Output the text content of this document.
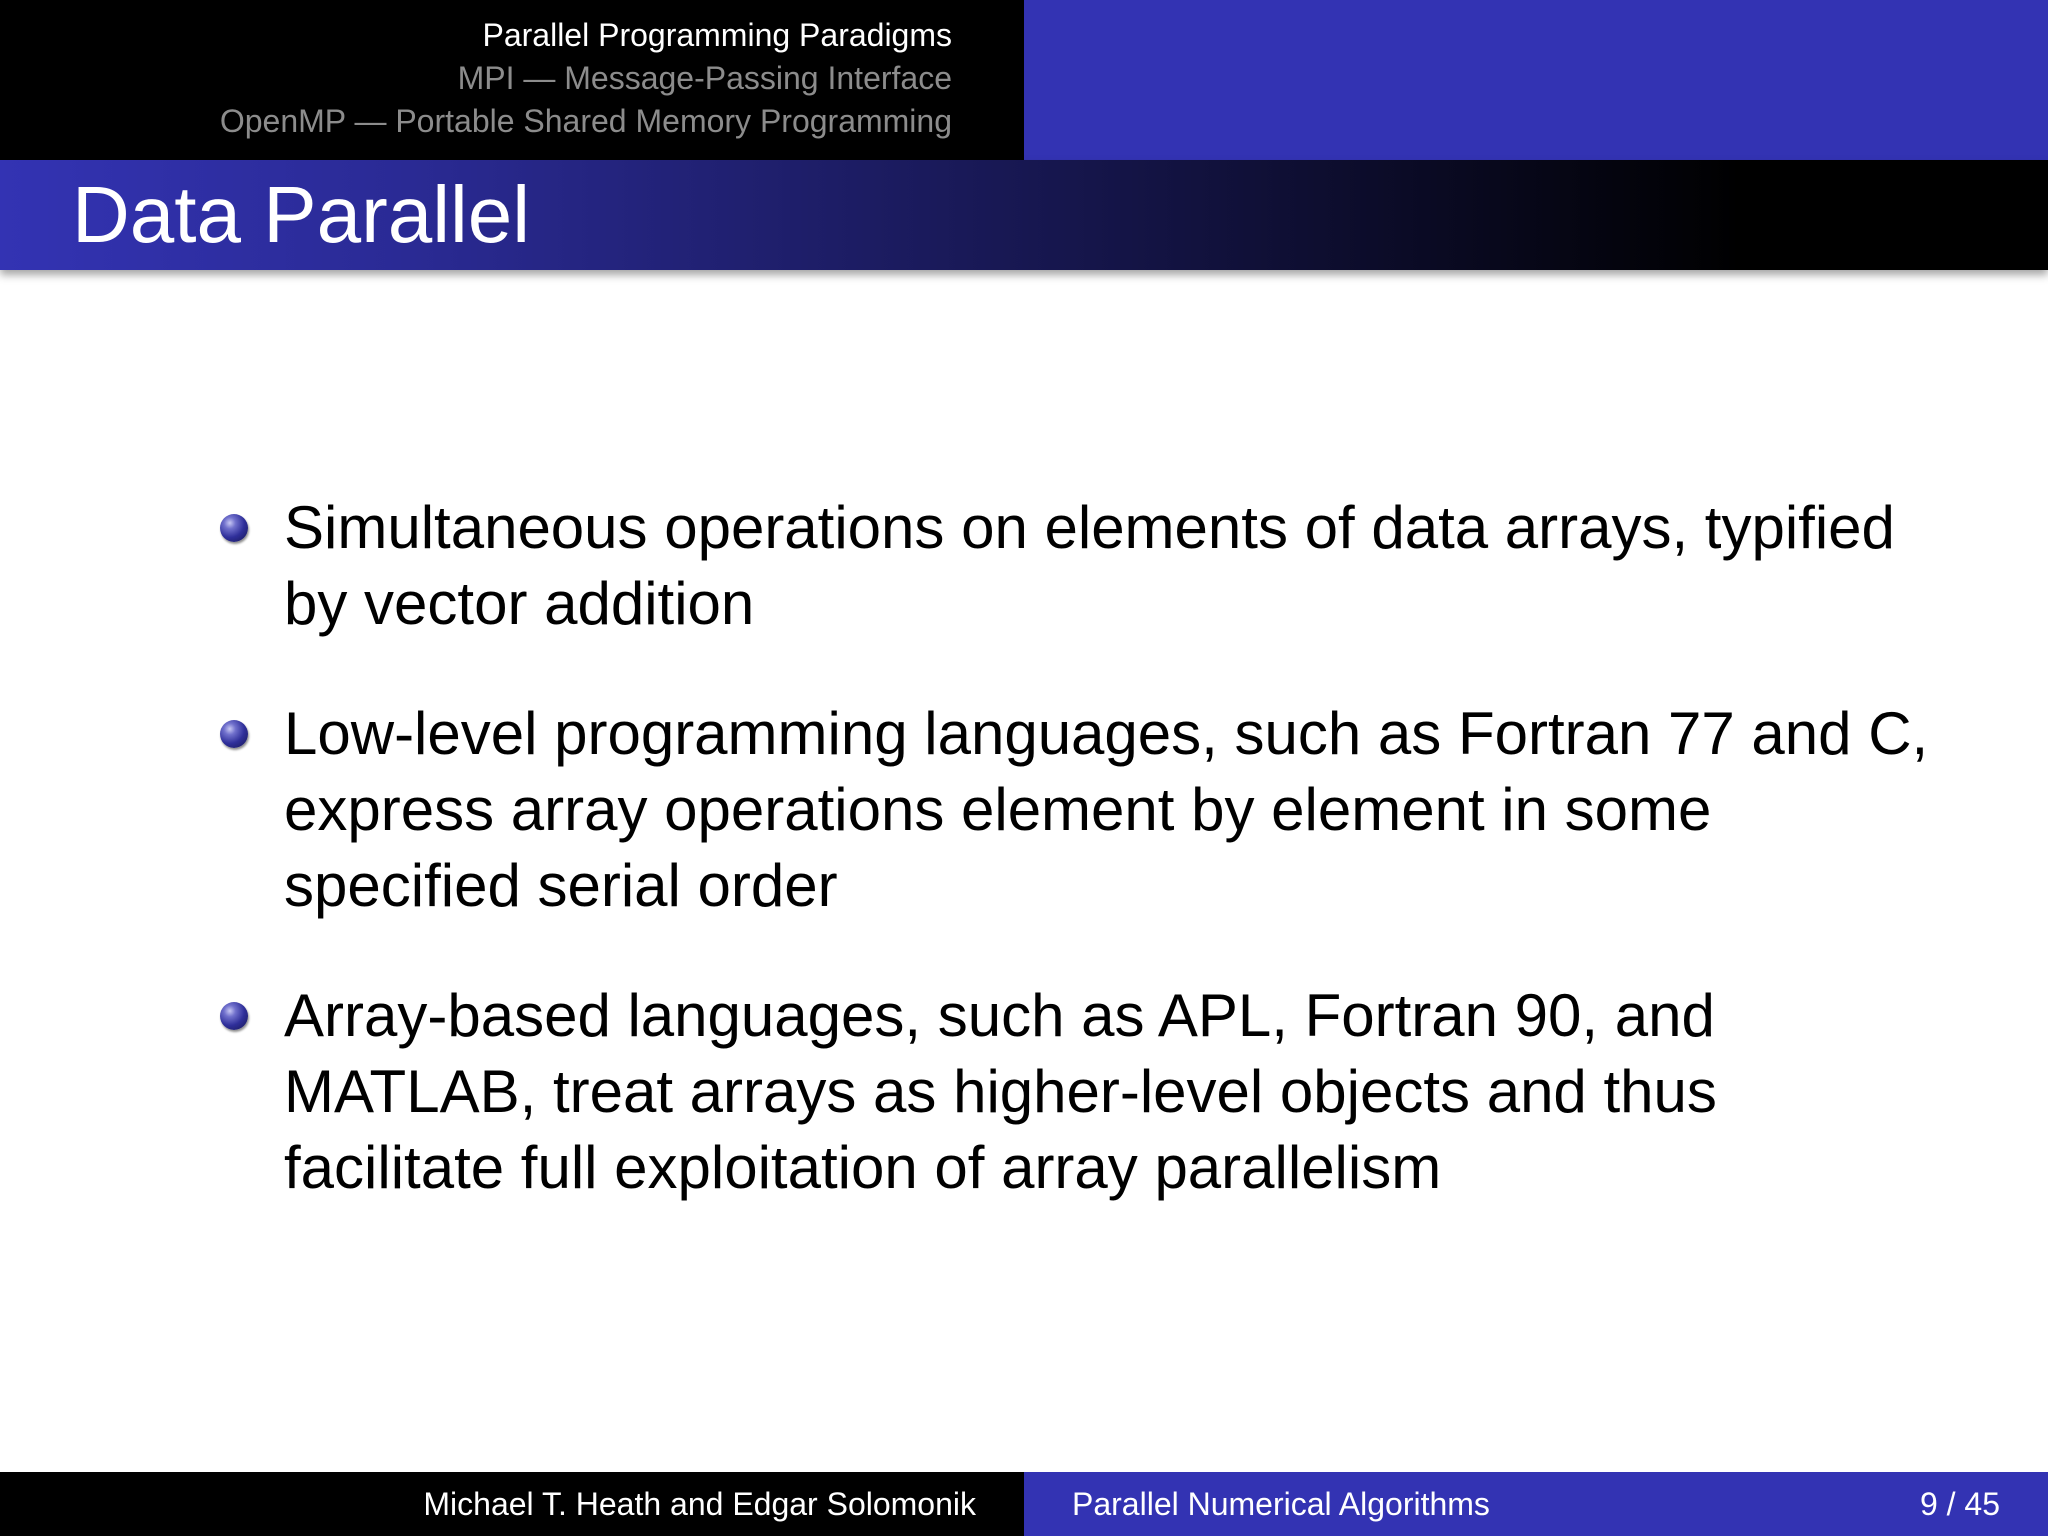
Parallel Programming Paradigms
MPI — Message-Passing Interface
OpenMP — Portable Shared Memory Programming
Data Parallel
Simultaneous operations on elements of data arrays, typified by vector addition
Low-level programming languages, such as Fortran 77 and C, express array operations element by element in some specified serial order
Array-based languages, such as APL, Fortran 90, and MATLAB, treat arrays as higher-level objects and thus facilitate full exploitation of array parallelism
Michael T. Heath and Edgar Solomonik	Parallel Numerical Algorithms	9 / 45
